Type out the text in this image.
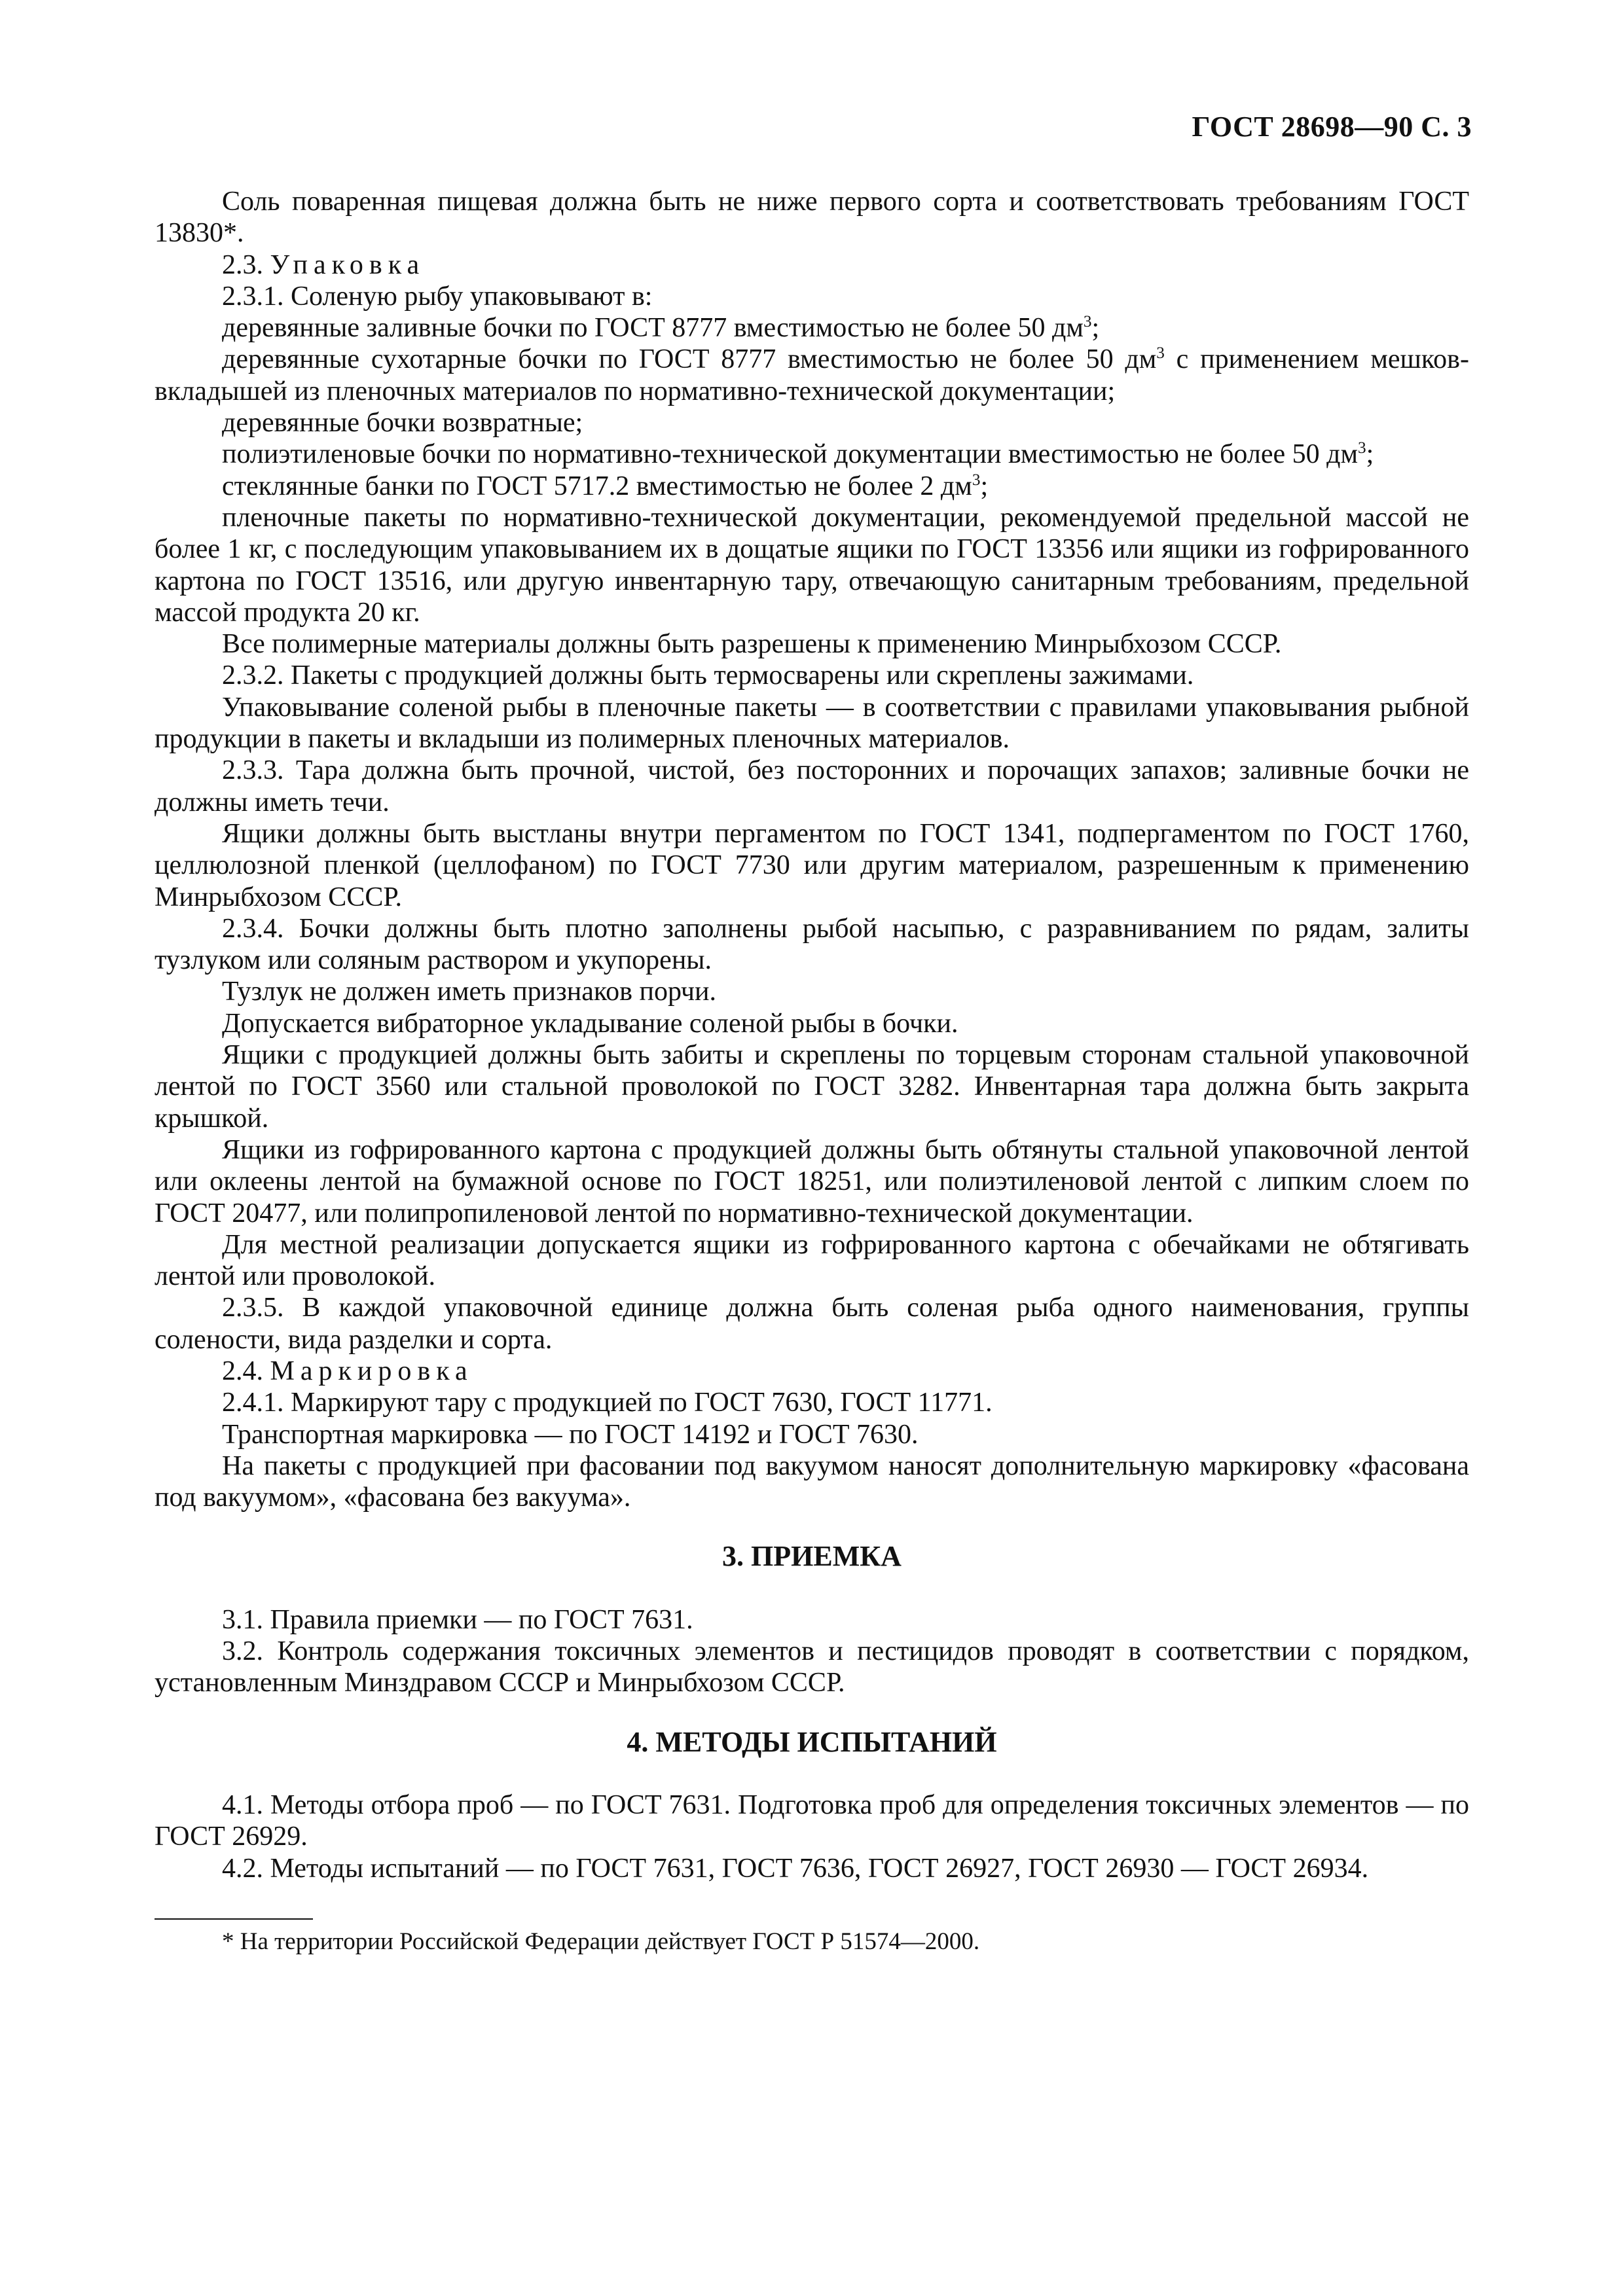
ГОСТ 28698—90 С. 3

Соль поваренная пищевая должна быть не ниже первого сорта и соответствовать требованиям ГОСТ 13830*.

2.3. Упаковка

2.3.1. Соленую рыбу упаковывают в:

деревянные заливные бочки по ГОСТ 8777 вместимостью не более 50 $дм^3$;

деревянные сухотарные бочки по ГОСТ 8777 вместимостью не более 50 $дм^3$ с применением мешков-вкладышей из пленочных материалов по нормативно-технической документации;

деревянные бочки возвратные;

полиэтиленовые бочки по нормативно-технической документации вместимостью не более 50 $дм^3$;

стеклянные банки по ГОСТ 5717.2 вместимостью не более 2 $дм^3$;

пленочные пакеты по нормативно-технической документации, рекомендуемой предельной массой не более 1 кг, с последующим упаковыванием их в дощатые ящики по ГОСТ 13356 или ящики из гофрированного картона по ГОСТ 13516, или другую инвентарную тару, отвечающую санитарным требованиям, предельной массой продукта 20 кг.

Все полимерные материалы должны быть разрешены к применению Минрыбхозом СССР.

2.3.2. Пакеты с продукцией должны быть термосварены или скреплены зажимами.

Упаковывание соленой рыбы в пленочные пакеты — в соответствии с правилами упаковывания рыбной продукции в пакеты и вкладыши из полимерных пленочных материалов.

2.3.3. Тара должна быть прочной, чистой, без посторонних и порочащих запахов; заливные бочки не должны иметь течи.

Ящики должны быть выстланы внутри пергаментом по ГОСТ 1341, подпергаментом по ГОСТ 1760, целлюлозной пленкой (целлофаном) по ГОСТ 7730 или другим материалом, разрешенным к применению Минрыбхозом СССР.

2.3.4. Бочки должны быть плотно заполнены рыбой насыпью, с разравниванием по рядам, залиты тузлуком или соляным раствором и укупорены.

Тузлук не должен иметь признаков порчи.

Допускается вибраторное укладывание соленой рыбы в бочки.

Ящики с продукцией должны быть забиты и скреплены по торцевым сторонам стальной упаковочной лентой по ГОСТ 3560 или стальной проволокой по ГОСТ 3282. Инвентарная тара должна быть закрыта крышкой.

Ящики из гофрированного картона с продукцией должны быть обтянуты стальной упаковочной лентой или оклеены лентой на бумажной основе по ГОСТ 18251, или полиэтиленовой лентой с липким слоем по ГОСТ 20477, или полипропиленовой лентой по нормативно-технической документации.

Для местной реализации допускается ящики из гофрированного картона с обечайками не обтягивать лентой или проволокой.

2.3.5. В каждой упаковочной единице должна быть соленая рыба одного наименования, группы солености, вида разделки и сорта.

2.4. Маркировка

2.4.1. Маркируют тару с продукцией по ГОСТ 7630, ГОСТ 11771.

Транспортная маркировка — по ГОСТ 14192 и ГОСТ 7630.

На пакеты с продукцией при фасовании под вакуумом наносят дополнительную маркировку «фасована под вакуумом», «фасована без вакуума».

3. ПРИЕМКА

3.1. Правила приемки — по ГОСТ 7631.

3.2. Контроль содержания токсичных элементов и пестицидов проводят в соответствии с порядком, установленным Минздравом СССР и Минрыбхозом СССР.

4. МЕТОДЫ ИСПЫТАНИЙ

4.1. Методы отбора проб — по ГОСТ 7631. Подготовка проб для определения токсичных элементов — по ГОСТ 26929.

4.2. Методы испытаний — по ГОСТ 7631, ГОСТ 7636, ГОСТ 26927, ГОСТ 26930 — ГОСТ 26934.

* На территории Российской Федерации действует ГОСТ Р 51574—2000.
